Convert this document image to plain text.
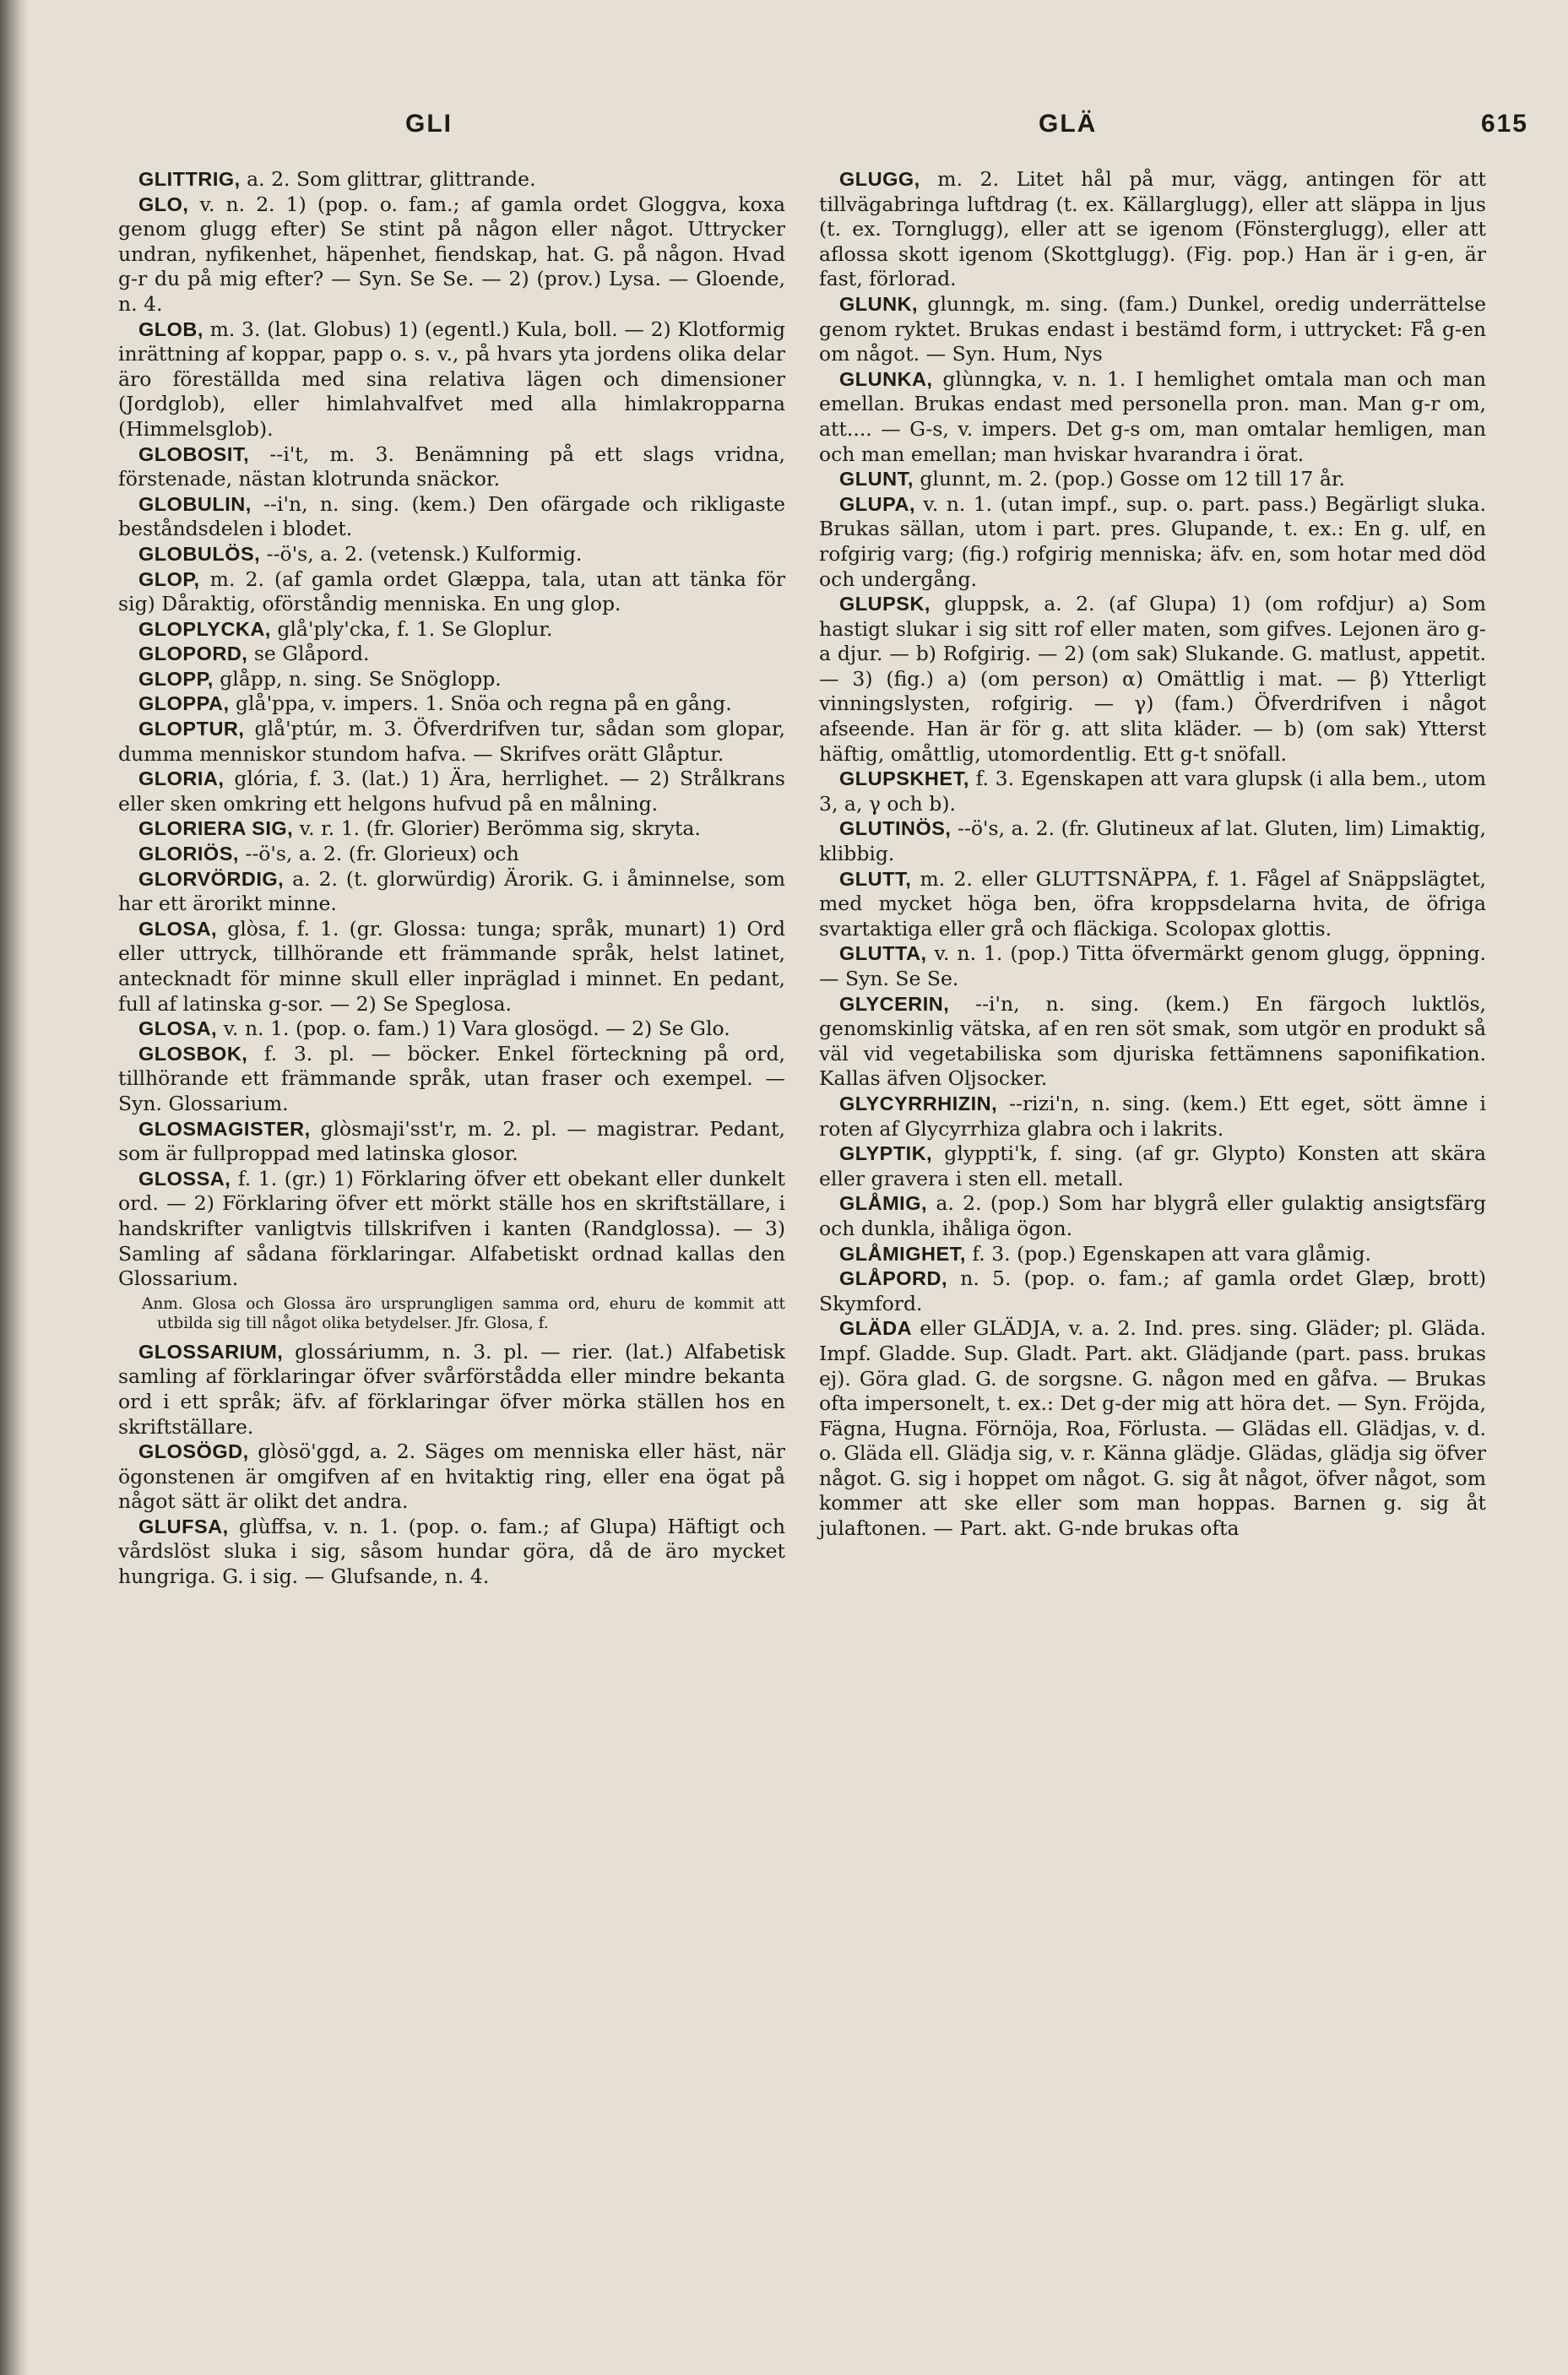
GLI	GLÄ	615

GLITTRIG, a. 2. Som glittrar, glittrande.

GLO, v. n. 2. 1) (pop. o. fam.; af gamla ordet Gloggva, koxa genom glugg efter) Se stint på någon eller något. Uttrycker undran, nyfikenhet, häpenhet, fiendskap, hat. G. på någon. Hvad g-r du på mig efter? — Syn. Se Se. — 2) (prov.) Lysa. — Gloende, n. 4.

GLOB, m. 3. (lat. Globus) 1) (egentl.) Kula, boll. — 2) Klotformig inrättning af koppar, papp o. s. v., på hvars yta jordens olika delar äro föreställda med sina relativa lägen och dimensioner (Jordglob), eller himlahvalfvet med alla himlakropparna (Himmelsglob).

GLOBOSIT, --i't, m. 3. Benämning på ett slags vridna, förstenade, nästan klotrunda snäckor.

GLOBULIN, --i'n, n. sing. (kem.) Den ofärgade och rikligaste beståndsdelen i blodet.

GLOBULÖS, --ö's, a. 2. (vetensk.) Kulformig.

GLOP, m. 2. (af gamla ordet Glæppa, tala, utan att tänka för sig) Dåraktig, oförståndig menniska. En ung glop.

GLOPLYCKA, glå'ply'cka, f. 1. Se Gloplur.

GLOPORD, se Glåpord.

GLOPP, glåpp, n. sing. Se Snöglopp.

GLOPPA, glå'ppa, v. impers. 1. Snöa och regna på en gång.

GLOPTUR, glå'ptúr, m. 3. Öfverdrifven tur, sådan som glopar, dumma menniskor stundom hafva. — Skrifves orätt Glåptur.

GLORIA, glória, f. 3. (lat.) 1) Ära, herrlighet. — 2) Strålkrans eller sken omkring ett helgons hufvud på en målning.

GLORIERA SIG, v. r. 1. (fr. Glorier) Berömma sig, skryta.

GLORIÖS, --ö's, a. 2. (fr. Glorieux) och

GLORVÖRDIG, a. 2. (t. glorwürdig) Ärorik. G. i åminnelse, som har ett ärorikt minne.

GLOSA, glòsa, f. 1. (gr. Glossa: tunga; språk, munart) 1) Ord eller uttryck, tillhörande ett främmande språk, helst latinet, antecknadt för minne skull eller inpräglad i minnet. En pedant, full af latinska g-sor. — 2) Se Speglosa.

GLOSA, v. n. 1. (pop. o. fam.) 1) Vara glosögd. — 2) Se Glo.

GLOSBOK, f. 3. pl. — böcker. Enkel förteckning på ord, tillhörande ett främmande språk, utan fraser och exempel. — Syn. Glossarium.

GLOSMAGISTER, glòsmaji'sst'r, m. 2. pl. — magistrar. Pedant, som är fullproppad med latinska glosor.

GLOSSA, f. 1. (gr.) 1) Förklaring öfver ett obekant eller dunkelt ord. — 2) Förklaring öfver ett mörkt ställe hos en skriftställare, i handskrifter vanligtvis tillskrifven i kanten (Randglossa). — 3) Samling af sådana förklaringar. Alfabetiskt ordnad kallas den Glossarium.

Anm. Glosa och Glossa äro ursprungligen samma ord, ehuru de kommit att utbilda sig till något olika betydelser. Jfr. Glosa, f.

GLOSSARIUM, glossáriumm, n. 3. pl. — rier. (lat.) Alfabetisk samling af förklaringar öfver svårförstådda eller mindre bekanta ord i ett språk; äfv. af förklaringar öfver mörka ställen hos en skriftställare.

GLOSÖGD, glòsö'ggd, a. 2. Säges om menniska eller häst, när ögonstenen är omgifven af en hvitaktig ring, eller ena ögat på något sätt är olikt det andra.

GLUFSA, glùffsa, v. n. 1. (pop. o. fam.; af Glupa) Häftigt och vårdslöst sluka i sig, såsom hundar göra, då de äro mycket hungriga. G. i sig. — Glufsande, n. 4.

GLUGG, m. 2. Litet hål på mur, vägg, antingen för att tillvägabringa luftdrag (t. ex. Källarglugg), eller att släppa in ljus (t. ex. Tornglugg), eller att se igenom (Fönsterglugg), eller att aflossa skott igenom (Skottglugg). (Fig. pop.) Han är i g-en, är fast, förlorad.

GLUNK, glunngk, m. sing. (fam.) Dunkel, oredig underrättelse genom ryktet. Brukas endast i bestämd form, i uttrycket: Få g-en om något. — Syn. Hum, Nys

GLUNKA, glùnngka, v. n. 1. I hemlighet omtala man och man emellan. Brukas endast med personella pron. man. Man g-r om, att.... — G-s, v. impers. Det g-s om, man omtalar hemligen, man och man emellan; man hviskar hvarandra i örat.

GLUNT, glunnt, m. 2. (pop.) Gosse om 12 till 17 år.

GLUPA, v. n. 1. (utan impf., sup. o. part. pass.) Begärligt sluka. Brukas sällan, utom i part. pres. Glupande, t. ex.: En g. ulf, en rofgirig varg; (fig.) rofgirig menniska; äfv. en, som hotar med död och undergång.

GLUPSK, gluppsk, a. 2. (af Glupa) 1) (om rofdjur) a) Som hastigt slukar i sig sitt rof eller maten, som gifves. Lejonen äro g-a djur. — b) Rofgirig. — 2) (om sak) Slukande. G. matlust, appetit. — 3) (fig.) a) (om person) α) Omättlig i mat. — β) Ytterligt vinningslysten, rofgirig. — γ) (fam.) Öfverdrifven i något afseende. Han är för g. att slita kläder. — b) (om sak) Ytterst häftig, omåttlig, utomordentlig. Ett g-t snöfall.

GLUPSKHET, f. 3. Egenskapen att vara glupsk (i alla bem., utom 3, a, γ och b).

GLUTINÖS, --ö's, a. 2. (fr. Glutineux af lat. Gluten, lim) Limaktig, klibbig.

GLUTT, m. 2. eller GLUTTSNÄPPA, f. 1. Fågel af Snäppslägtet, med mycket höga ben, öfra kroppsdelarna hvita, de öfriga svartaktiga eller grå och fläckiga. Scolopax glottis.

GLUTTA, v. n. 1. (pop.) Titta öfvermärkt genom glugg, öppning. — Syn. Se Se.

GLYCERIN, --i'n, n. sing. (kem.) En färgoch luktlös, genomskinlig vätska, af en ren söt smak, som utgör en produkt så väl vid vegetabiliska som djuriska fettämnens saponifikation. Kallas äfven Oljsocker.

GLYCYRRHIZIN, --rizi'n, n. sing. (kem.) Ett eget, sött ämne i roten af Glycyrrhiza glabra och i lakrits.

GLYPTIK, glyppti'k, f. sing. (af gr. Glypto) Konsten att skära eller gravera i sten ell. metall.

GLÅMIG, a. 2. (pop.) Som har blygrå eller gulaktig ansigtsfärg och dunkla, ihåliga ögon.

GLÅMIGHET, f. 3. (pop.) Egenskapen att vara glåmig.

GLÅPORD, n. 5. (pop. o. fam.; af gamla ordet Glæp, brott) Skymford.

GLÄDA eller GLÄDJA, v. a. 2. Ind. pres. sing. Gläder; pl. Gläda. Impf. Gladde. Sup. Gladt. Part. akt. Glädjande (part. pass. brukas ej). Göra glad. G. de sorgsne. G. någon med en gåfva. — Brukas ofta impersonelt, t. ex.: Det g-der mig att höra det. — Syn. Fröjda, Fägna, Hugna. Förnöja, Roa, Förlusta. — Glädas ell. Glädjas, v. d. o. Gläda ell. Glädja sig, v. r. Känna glädje. Glädas, glädja sig öfver något. G. sig i hoppet om något. G. sig åt något, öfver något, som kommer att ske eller som man hoppas. Barnen g. sig åt julaftonen. — Part. akt. G-nde brukas ofta
